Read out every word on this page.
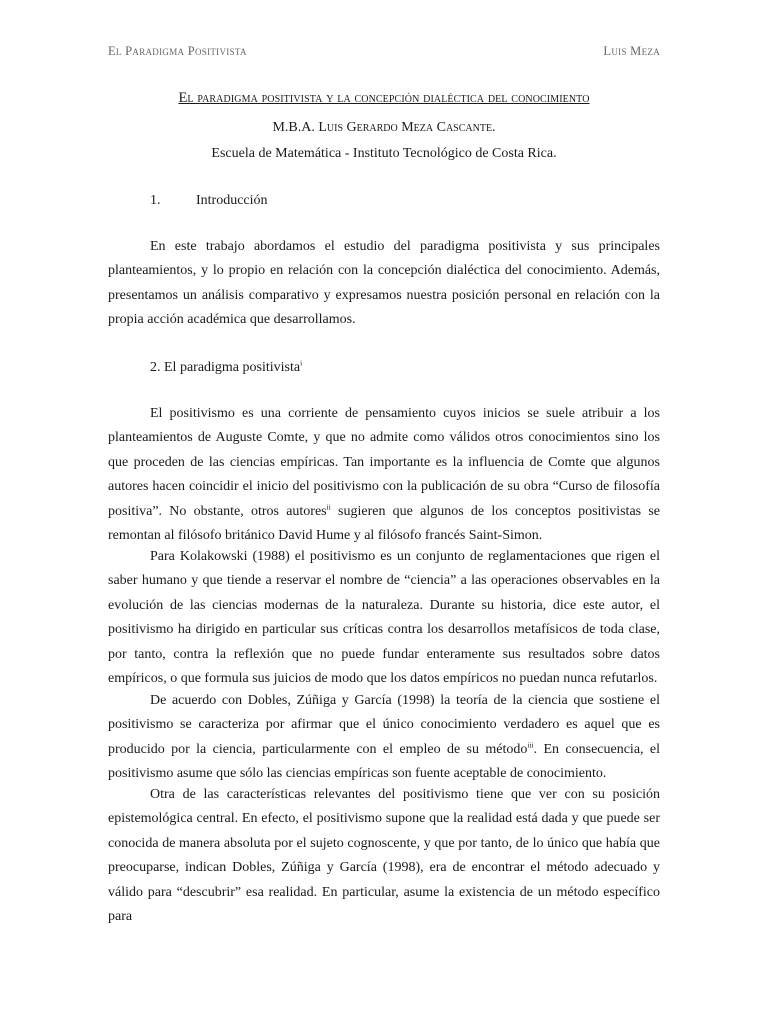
El Paradigma Positivista	Luis Meza
El paradigma positivista y la concepción dialéctica del conocimiento
M.B.A. Luis Gerardo Meza Cascante.
Escuela de Matemática - Instituto Tecnológico de Costa Rica.
1.	Introducción

En este trabajo abordamos el estudio del paradigma positivista y sus principales planteamientos, y lo propio en relación con la concepción dialéctica del conocimiento. Además, presentamos un análisis comparativo y expresamos nuestra posición personal en relación con la propia acción académica que desarrollamos.

2. El paradigma positivista$^i$

El positivismo es una corriente de pensamiento cuyos inicios se suele atribuir a los planteamientos de Auguste Comte, y que no admite como válidos otros conocimientos sino los que proceden de las ciencias empíricas. Tan importante es la influencia de Comte que algunos autores hacen coincidir el inicio del positivismo con la publicación de su obra “Curso de filosofía positiva”. No obstante, otros autores$^{ii}$ sugieren que algunos de los conceptos positivistas se remontan al filósofo británico David Hume y al filósofo francés Saint-Simon.

Para Kolakowski (1988) el positivismo es un conjunto de reglamentaciones que rigen el saber humano y que tiende a reservar el nombre de “ciencia” a las operaciones observables en la evolución de las ciencias modernas de la naturaleza. Durante su historia, dice este autor, el positivismo ha dirigido en particular sus críticas contra los desarrollos metafísicos de toda clase, por tanto, contra la reflexión que no puede fundar enteramente sus resultados sobre datos empíricos, o que formula sus juicios de modo que los datos empíricos no puedan nunca refutarlos.

De acuerdo con Dobles, Zúñiga y García (1998) la teoría de la ciencia que sostiene el positivismo se caracteriza por afirmar que el único conocimiento verdadero es aquel que es producido por la ciencia, particularmente con el empleo de su método$^{iii}$. En consecuencia, el positivismo asume que sólo las ciencias empíricas son fuente aceptable de conocimiento.

Otra de las características relevantes del positivismo tiene que ver con su posición epistemológica central. En efecto, el positivismo supone que la realidad está dada y que puede ser conocida de manera absoluta por el sujeto cognoscente, y que por tanto, de lo único que había que preocuparse, indican Dobles, Zúñiga y García (1998), era de encontrar el método adecuado y válido para “descubrir” esa realidad. En particular, asume la existencia de un método específico para
